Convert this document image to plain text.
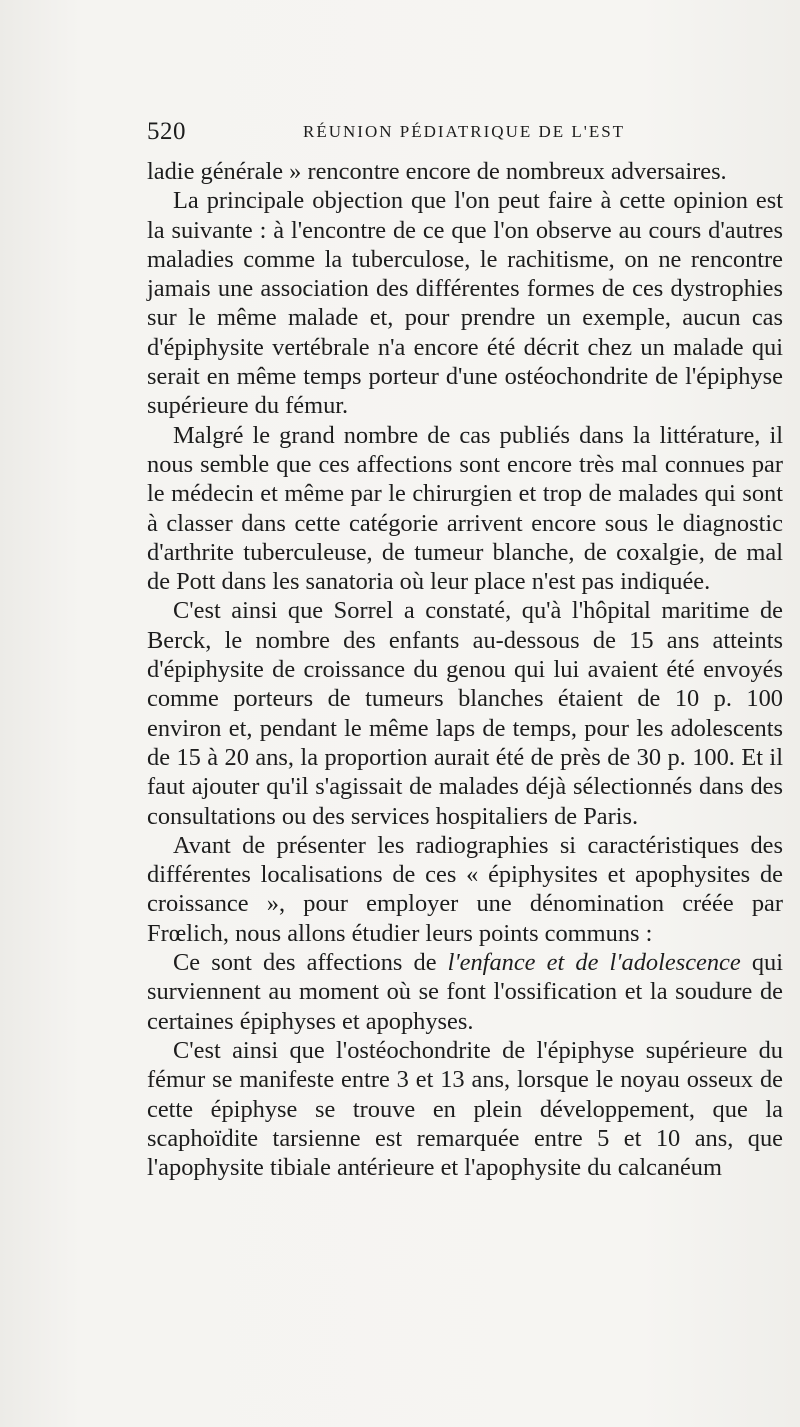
520	RÉUNION PÉDIATRIQUE DE L'EST

ladie générale » rencontre encore de nombreux adversaires.

La principale objection que l'on peut faire à cette opinion est la suivante : à l'encontre de ce que l'on observe au cours d'autres maladies comme la tuberculose, le rachitisme, on ne rencontre jamais une association des différentes formes de ces dystrophies sur le même malade et, pour prendre un exemple, aucun cas d'épiphysite vertébrale n'a encore été décrit chez un malade qui serait en même temps porteur d'une ostéochondrite de l'épiphyse supérieure du fémur.

Malgré le grand nombre de cas publiés dans la littérature, il nous semble que ces affections sont encore très mal connues par le médecin et même par le chirurgien et trop de malades qui sont à classer dans cette catégorie arrivent encore sous le diagnostic d'arthrite tuberculeuse, de tumeur blanche, de coxalgie, de mal de Pott dans les sanatoria où leur place n'est pas indiquée.

C'est ainsi que Sorrel a constaté, qu'à l'hôpital maritime de Berck, le nombre des enfants au-dessous de 15 ans atteints d'épiphysite de croissance du genou qui lui avaient été envoyés comme porteurs de tumeurs blanches étaient de 10 p. 100 environ et, pendant le même laps de temps, pour les adolescents de 15 à 20 ans, la proportion aurait été de près de 30 p. 100. Et il faut ajouter qu'il s'agissait de malades déjà sélectionnés dans des consultations ou des services hospitaliers de Paris.

Avant de présenter les radiographies si caractéristiques des différentes localisations de ces « épiphysites et apophysites de croissance », pour employer une dénomination créée par Frœlich, nous allons étudier leurs points communs :

Ce sont des affections de l'enfance et de l'adolescence qui surviennent au moment où se font l'ossification et la soudure de certaines épiphyses et apophyses.

C'est ainsi que l'ostéochondrite de l'épiphyse supérieure du fémur se manifeste entre 3 et 13 ans, lorsque le noyau osseux de cette épiphyse se trouve en plein développement, que la scaphoïdite tarsienne est remarquée entre 5 et 10 ans, que l'apophysite tibiale antérieure et l'apophysite du calcanéum
